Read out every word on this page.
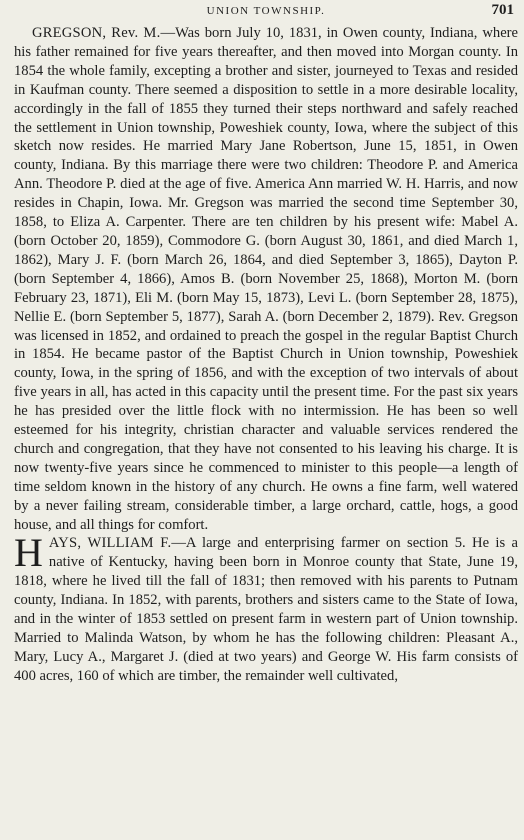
UNION TOWNSHIP.	701

GREGSON, Rev. M.—Was born July 10, 1831, in Owen county, Indiana, where his father remained for five years thereafter, and then moved into Morgan county. In 1854 the whole family, excepting a brother and sister, journeyed to Texas and resided in Kaufman county. There seemed a disposition to settle in a more desirable locality, accordingly in the fall of 1855 they turned their steps northward and safely reached the settlement in Union township, Poweshiek county, Iowa, where the subject of this sketch now resides. He married Mary Jane Robertson, June 15, 1851, in Owen county, Indiana. By this marriage there were two children: Theodore P. and America Ann. Theodore P. died at the age of five. America Ann married W. H. Harris, and now resides in Chapin, Iowa. Mr. Gregson was married the second time September 30, 1858, to Eliza A. Carpenter. There are ten children by his present wife: Mabel A. (born October 20, 1859), Commodore G. (born August 30, 1861, and died March 1, 1862), Mary J. F. (born March 26, 1864, and died September 3, 1865), Dayton P. (born September 4, 1866), Amos B. (born November 25, 1868), Morton M. (born February 23, 1871), Eli M. (born May 15, 1873), Levi L. (born September 28, 1875), Nellie E. (born September 5, 1877), Sarah A. (born December 2, 1879). Rev. Gregson was licensed in 1852, and ordained to preach the gospel in the regular Baptist Church in 1854. He became pastor of the Baptist Church in Union township, Poweshiek county, Iowa, in the spring of 1856, and with the exception of two intervals of about five years in all, has acted in this capacity until the present time. For the past six years he has presided over the little flock with no intermission. He has been so well esteemed for his integrity, christian character and valuable services rendered the church and congregation, that they have not consented to his leaving his charge. It is now twenty-five years since he commenced to minister to this people—a length of time seldom known in the history of any church. He owns a fine farm, well watered by a never failing stream, considerable timber, a large orchard, cattle, hogs, a good house, and all things for comfort.

HAYS, WILLIAM F.—A large and enterprising farmer on section 5. He is a native of Kentucky, having been born in Monroe county that State, June 19, 1818, where he lived till the fall of 1831; then removed with his parents to Putnam county, Indiana. In 1852, with parents, brothers and sisters came to the State of Iowa, and in the winter of 1853 settled on present farm in western part of Union township. Married to Malinda Watson, by whom he has the following children: Pleasant A., Mary, Lucy A., Margaret J. (died at two years) and George W. His farm consists of 400 acres, 160 of which are timber, the remainder well cultivated,
